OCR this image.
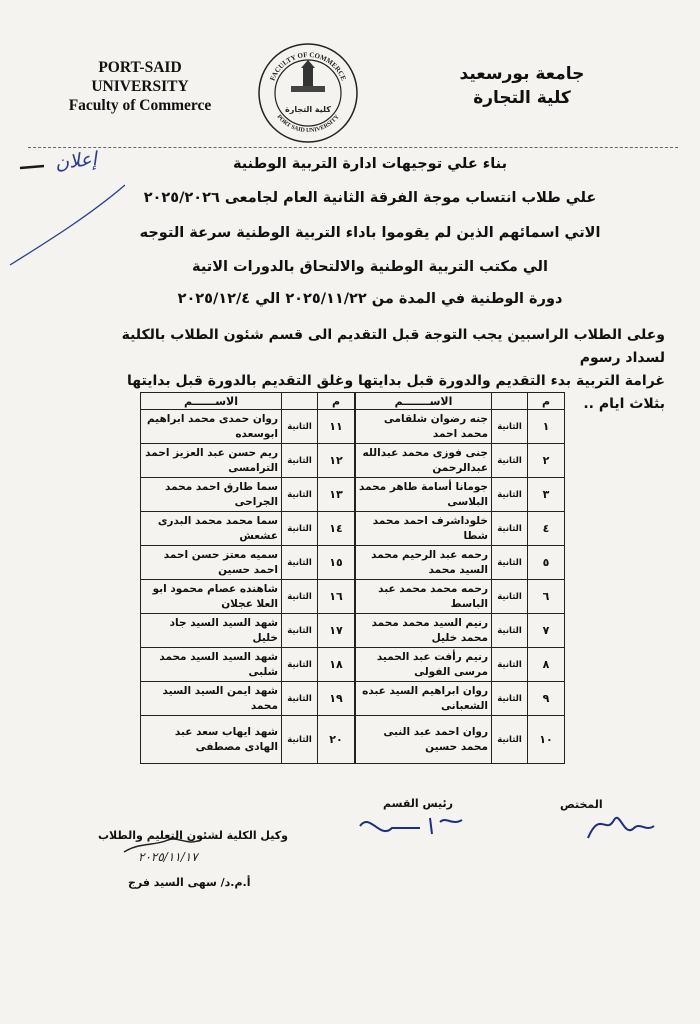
PORT-SAID
UNIVERSITY
Faculty of Commerce
FACULTY OF COMMERCE
PORT SAID UNIVERSITY
كلية التجارة
جامعة بورسعيد
كلية التجارة
إعلان	بناء علي توجيهات ادارة التربية الوطنية
علي طلاب انتساب موجة الفرقة الثانية العام لجامعى ٢٠٢٥/٢٠٢٦
الاتي اسمائهم الذين لم يقوموا باداء التربية الوطنية سرعة التوجه
الي مكتب التربية الوطنية والالتحاق بالدورات الاتية
دورة الوطنية في المدة من ٢٠٢٥/١١/٢٢ الي ٢٠٢٥/١٢/٤
وعلى الطلاب الراسبين يجب التوجة قبل التقديم الى قسم شئون الطلاب بالكلية لسداد رسوم
غرامة التربية بدء التقديم والدورة قبل بدايتها وغلق التقديم بالدورة قبل بدايتها بثلاث ايام ..
م		الاســـــــم
١	الثانية	جنه رضوان شلقامى محمد احمد
٢	الثانية	جنى فوزى محمد عبدالله عبدالرحمن
٣	الثانية	جومانا أسامة طاهر محمد البلاسى
٤	الثانية	خلوداشرف احمد محمد شطا
٥	الثانية	رحمه عبد الرحيم محمد السيد محمد
٦	الثانية	رحمه محمد محمد عبد الباسط
٧	الثانية	رنيم السيد محمد محمد محمد خليل
٨	الثانية	رنيم رأفت عبد الحميد مرسى الفولى
٩	الثانية	روان ابراهيم السيد عبده الشعبانى
١٠	الثانية	روان احمد عبد النبى محمد حسين
م		الاســــــم
١١	الثانية	روان حمدى محمد ابراهيم ابوسعده
١٢	الثانية	ريم حسن عبد العزيز احمد الترامسى
١٣	الثانية	سما طارق احمد محمد الجراحى
١٤	الثانية	سما محمد محمد البدرى عشعش
١٥	الثانية	سميه معتز حسن احمد احمد حسين
١٦	الثانية	شاهنده عصام محمود ابو العلا عجلان
١٧	الثانية	شهد السيد السيد جاد خليل
١٨	الثانية	شهد السيد السيد محمد شلبى
١٩	الثانية	شهد ايمن السيد السيد محمد
٢٠	الثانية	شهد ايهاب سعد عبد الهادى مصطفى
المختص
رئيس القسم
وكيل الكلية لشئون التعليم والطلاب
٢٠٢٥/١١/١٧
أ.م.د/ سهى السيد فرج
